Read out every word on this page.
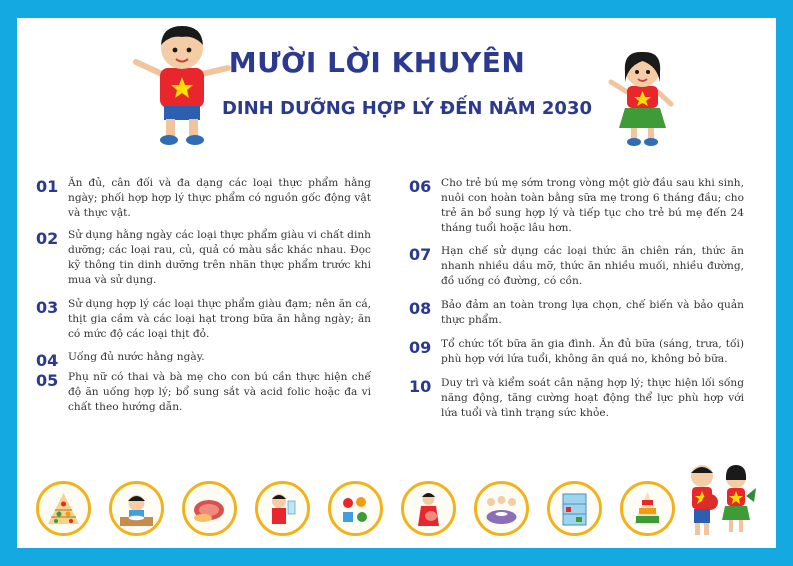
MƯỜI LỜI KHUYÊN
DINH DƯỠNG HỢP LÝ ĐẾN NĂM 2030
01 Ăn đủ, cân đối và đa dạng các loại thực phẩm hằng ngày; phối hợp hợp lý thực phẩm có nguồn gốc động vật và thực vật.
02 Sử dụng hằng ngày các loại thực phẩm giàu vi chất dinh dưỡng; các loại rau, củ, quả có màu sắc khác nhau. Đọc kỹ thông tin dinh dưỡng trên nhãn thực phẩm trước khi mua và sử dụng.
03 Sử dụng hợp lý các loại thực phẩm giàu đạm; nên ăn cá, thịt gia cầm và các loại hạt trong bữa ăn hằng ngày; ăn có mức độ các loại thịt đỏ.
04 Uống đủ nước hằng ngày.
05 Phụ nữ có thai và bà mẹ cho con bú cần thực hiện chế độ ăn uống hợp lý; bổ sung sắt và acid folic hoặc đa vi chất theo hướng dẫn.
06 Cho trẻ bú mẹ sớm trong vòng một giờ đầu sau khi sinh, nuôi con hoàn toàn bằng sữa mẹ trong 6 tháng đầu; cho trẻ ăn bổ sung hợp lý và tiếp tục cho trẻ bú mẹ đến 24 tháng tuổi hoặc lâu hơn.
07 Hạn chế sử dụng các loại thức ăn chiên rán, thức ăn nhanh nhiều dầu mỡ, thức ăn nhiều muối, nhiều đường, đồ uống có đường, có cồn.
08 Bảo đảm an toàn trong lựa chọn, chế biến và bảo quản thực phẩm.
09 Tổ chức tốt bữa ăn gia đình. Ăn đủ bữa (sáng, trưa, tối) phù hợp với lứa tuổi, không ăn quá no, không bỏ bữa.
10 Duy trì và kiểm soát cân nặng hợp lý; thực hiện lối sống năng động, tăng cường hoạt động thể lực phù hợp với lứa tuổi và tình trạng sức khỏe.
